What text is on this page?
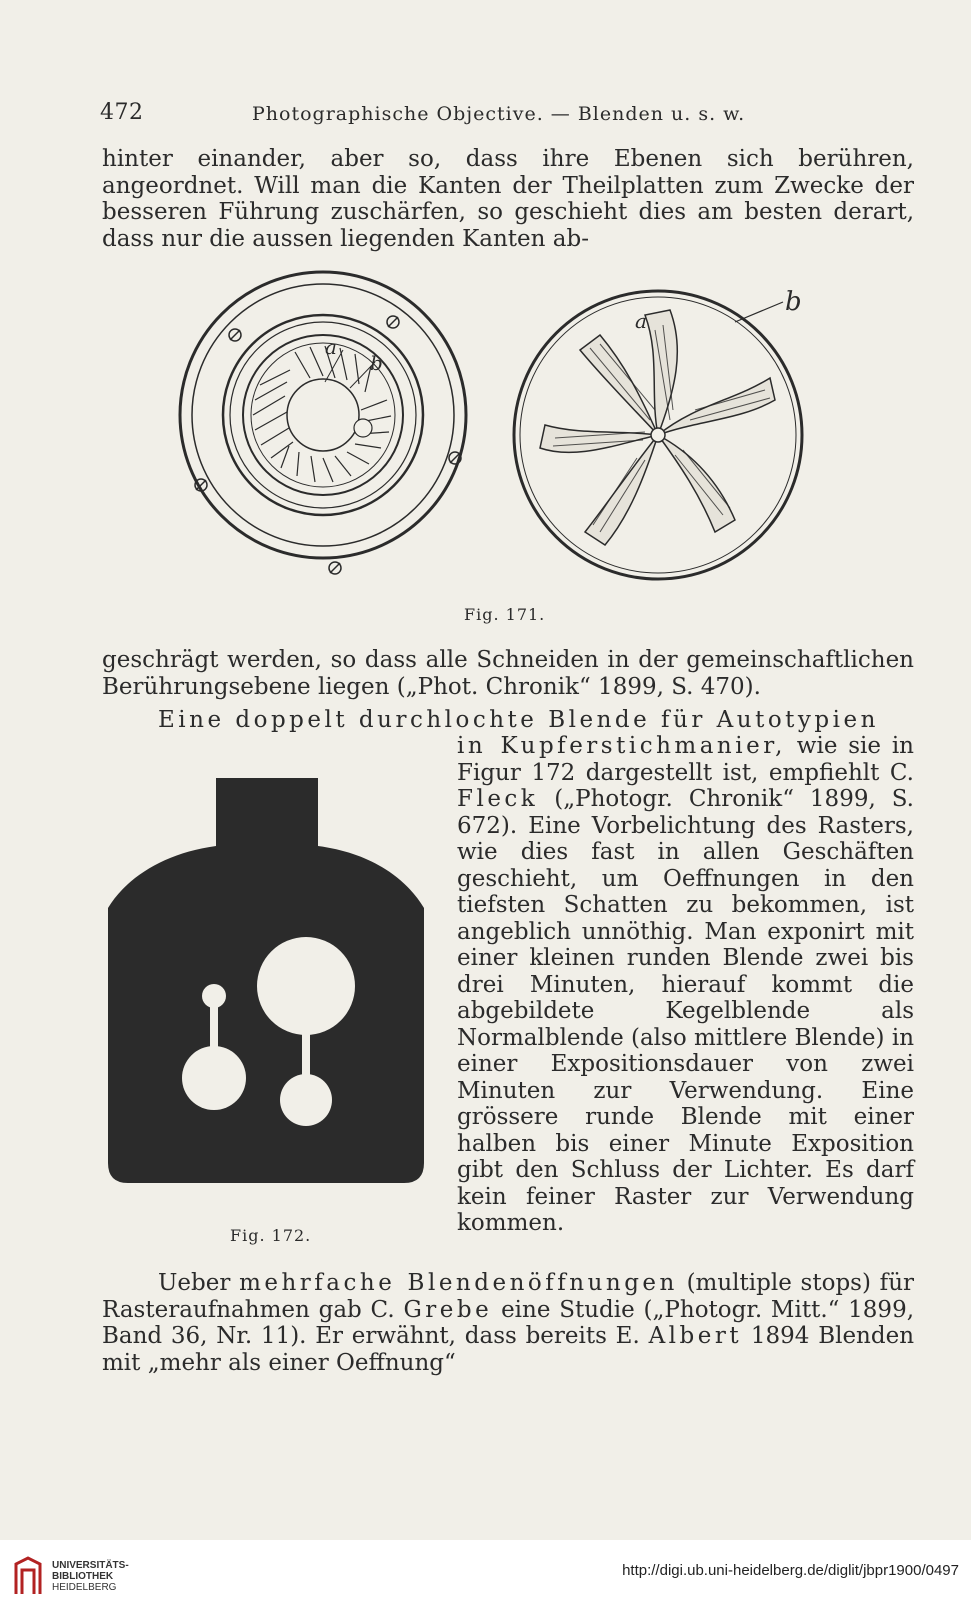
472	Photographische Objective. — Blenden u. s. w.
hinter einander, aber so, dass ihre Ebenen sich berühren, angeordnet. Will man die Kanten der Theilplatten zum Zwecke der besseren Führung zuschärfen, so geschieht dies am besten derart, dass nur die aussen liegenden Kanten ab-
a
b
a
b
Fig. 171.
geschrägt werden, so dass alle Schneiden in der gemeinschaftlichen Berührungsebene liegen („Phot. Chronik“ 1899, S. 470).
Eine doppelt durchlochte Blende für Autotypien
Fig. 172.
in Kupferstichmanier, wie sie in Figur 172 dargestellt ist, empfiehlt C. Fleck („Photogr. Chronik“ 1899, S. 672). Eine Vorbelichtung des Rasters, wie dies fast in allen Geschäften geschieht, um Oeffnungen in den tiefsten Schatten zu bekommen, ist angeblich unnöthig. Man exponirt mit einer kleinen runden Blende zwei bis drei Minuten, hierauf kommt die abgebildete Kegelblende als Normalblende (also mittlere Blende) in einer Expositionsdauer von zwei Minuten zur Verwendung. Eine grössere runde Blende mit einer halben bis einer Minute Exposition gibt den Schluss der Lichter. Es darf kein feiner Raster zur Verwendung kommen.
Ueber mehrfache Blendenöffnungen (multiple stops) für Rasteraufnahmen gab C. Grebe eine Studie („Photogr. Mitt.“ 1899, Band 36, Nr. 11). Er erwähnt, dass bereits E. Albert 1894 Blenden mit „mehr als einer Oeffnung“
UNIVERSITÄTS-
BIBLIOTHEK
HEIDELBERG
http://digi.ub.uni-heidelberg.de/diglit/jbpr1900/0497
